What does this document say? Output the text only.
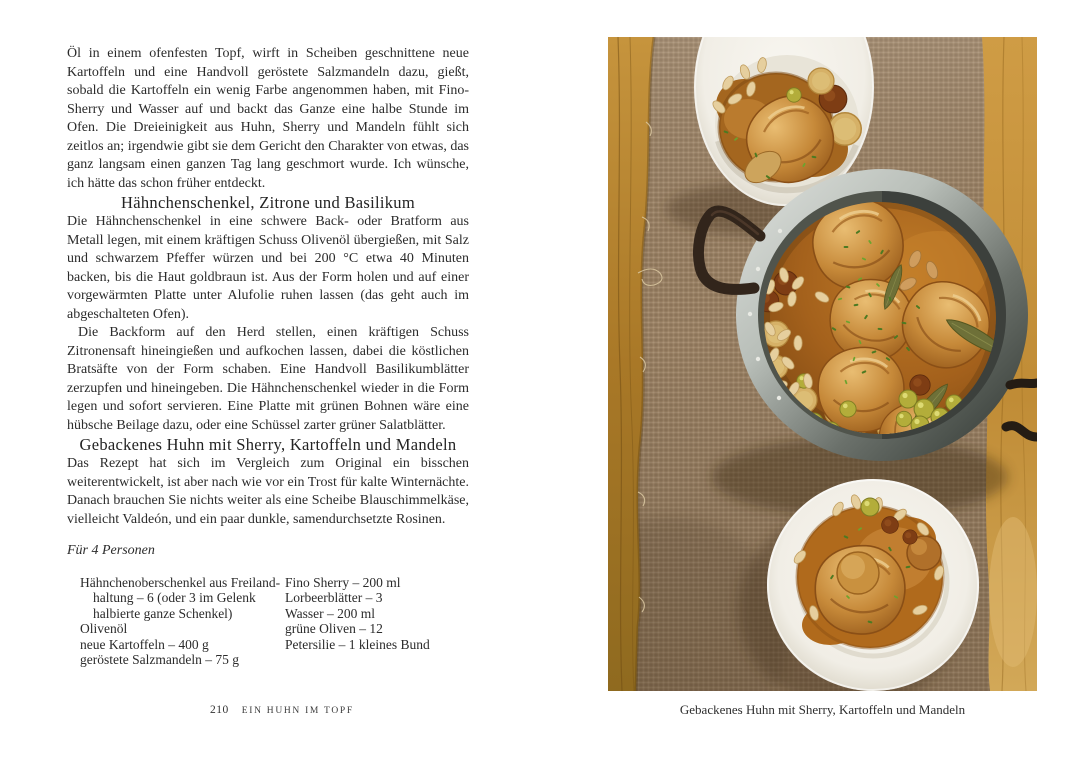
Öl in einem ofenfesten Topf, wirft in Scheiben geschnittene neue Kartoffeln und eine Handvoll geröstete Salzmandeln dazu, gießt, sobald die Kartoffeln ein wenig Farbe angenommen haben, mit Fino-Sherry und Wasser auf und backt das Ganze eine halbe Stunde im Ofen. Die Dreieinigkeit aus Huhn, Sherry und Mandeln fühlt sich zeitlos an; irgendwie gibt sie dem Gericht den Charakter von etwas, das ganz langsam einen ganzen Tag lang geschmort wurde. Ich wünsche, ich hätte das schon früher entdeckt.

Hähnchenschenkel, Zitrone und Basilikum

Die Hähnchenschenkel in eine schwere Back- oder Bratform aus Metall legen, mit einem kräftigen Schuss Olivenöl übergießen, mit Salz und schwarzem Pfeffer würzen und bei 200 °C etwa 40 Minuten backen, bis die Haut goldbraun ist. Aus der Form holen und auf einer vorgewärmten Platte unter Alufolie ruhen lassen (das geht auch im abgeschalteten Ofen).

Die Backform auf den Herd stellen, einen kräftigen Schuss Zitronensaft hineingießen und aufkochen lassen, dabei die köstlichen Bratsäfte von der Form schaben. Eine Handvoll Basilikumblätter zerzupfen und hineingeben. Die Hähnchenschenkel wieder in die Form legen und sofort servieren. Eine Platte mit grünen Bohnen wäre eine hübsche Beilage dazu, oder eine Schüssel zarter grüner Salatblätter.

Gebackenes Huhn mit Sherry, Kartoffeln und Mandeln

Das Rezept hat sich im Vergleich zum Original ein bisschen weiterentwickelt, ist aber nach wie vor ein Trost für kalte Winternächte. Danach brauchen Sie nichts weiter als eine Scheibe Blauschimmelkäse, vielleicht Valdeón, und ein paar dunkle, samendurchsetzte Rosinen.

Für 4 Personen

Hähnchenoberschenkel aus Freiland-
haltung – 6 (oder 3 im Gelenk
halbierte ganze Schenkel)
Olivenöl
neue Kartoffeln – 400 g
geröstete Salzmandeln – 75 g
Fino Sherry – 200 ml
Lorbeerblätter – 3
Wasser – 200 ml
grüne Oliven – 12
Petersilie – 1 kleines Bund
210 EIN HUHN IM TOPF	Gebackenes Huhn mit Sherry, Kartoffeln und Mandeln
